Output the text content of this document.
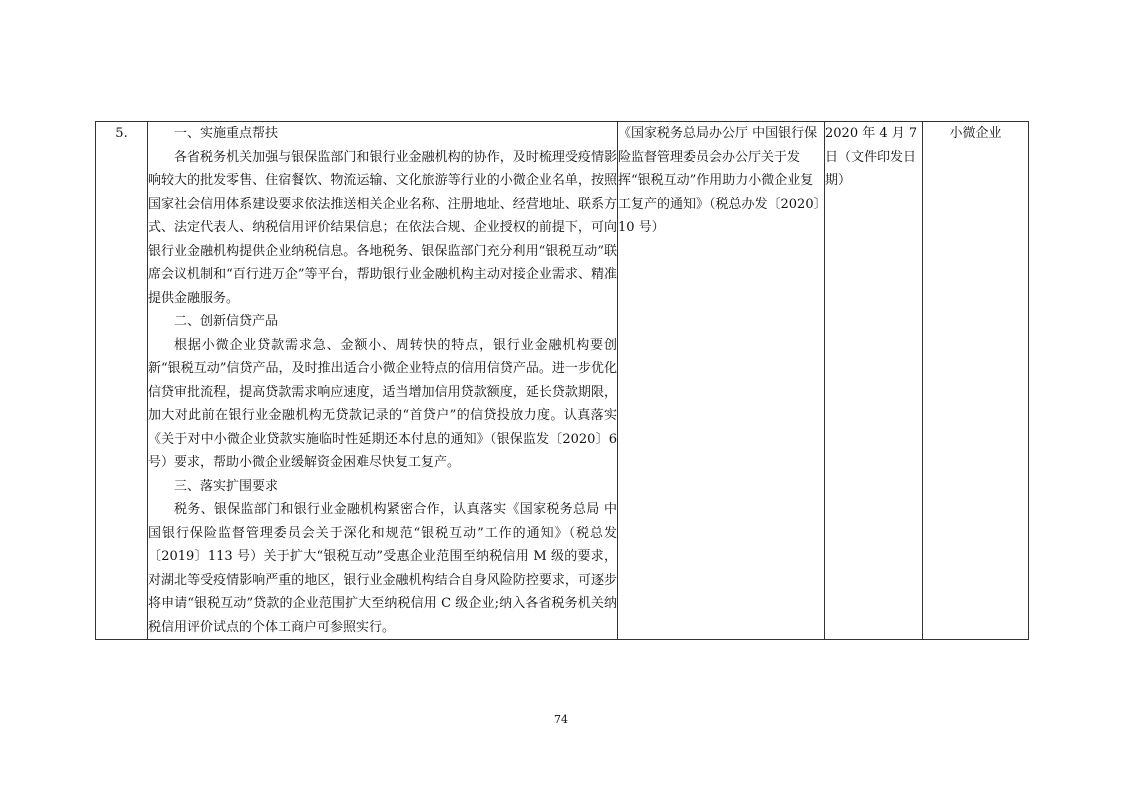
5.	一、实施重点帮扶
各省税务机关加强与银保监部门和银行业金融机构的协作，及时梳理受疫情影响较大的批发零售、住宿餐饮、物流运输、文化旅游等行业的小微企业名单，按照国家社会信用体系建设要求依法推送相关企业名称、注册地址、经营地址、联系方式、法定代表人、纳税信用评价结果信息；在依法合规、企业授权的前提下，可向银行业金融机构提供企业纳税信息。各地税务、银保监部门充分利用“银税互动”联席会议机制和“百行进万企”等平台，帮助银行业金融机构主动对接企业需求、精准提供金融服务。
二、创新信贷产品
根据小微企业贷款需求急、金额小、周转快的特点，银行业金融机构要创新“银税互动”信贷产品，及时推出适合小微企业特点的信用信贷产品。进一步优化信贷审批流程，提高贷款需求响应速度，适当增加信用贷款额度，延长贷款期限，加大对此前在银行业金融机构无贷款记录的“首贷户”的信贷投放力度。认真落实《关于对中小微企业贷款实施临时性延期还本付息的通知》（银保监发〔2020〕6 号）要求，帮助小微企业缓解资金困难尽快复工复产。
三、落实扩围要求
税务、银保监部门和银行业金融机构紧密合作，认真落实《国家税务总局 中国银行保险监督管理委员会关于深化和规范“银税互动”工作的通知》（税总发〔2019〕113 号）关于扩大“银税互动”受惠企业范围至纳税信用 M 级的要求，对湖北等受疫情影响严重的地区，银行业金融机构结合自身风险防控要求，可逐步将申请“银税互动”贷款的企业范围扩大至纳税信用 C 级企业;纳入各省税务机关纳税信用评价试点的个体工商户可参照实行。
	《国家税务总局办公厅 中国银行保险监督管理委员会办公厅关于发挥“银税互动”作用助力小微企业复工复产的通知》（税总办发〔2020〕10 号）	2020 年 4 月 7 日（文件印发日期）	小微企业
74
